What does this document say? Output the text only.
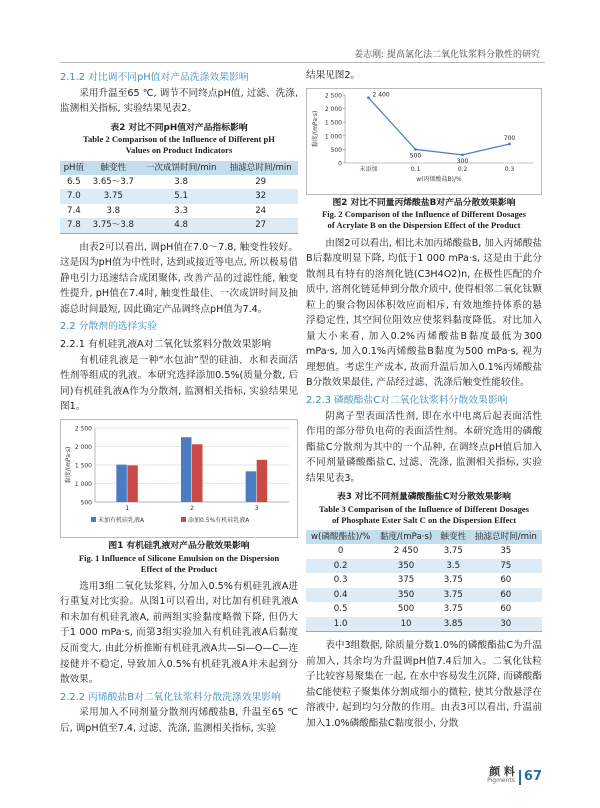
姜志刚: 提高氯化法二氧化钛浆料分散性的研究
2.1.2 对比调不同pH值对产品洗涤效果影响

采用升温至65 ℃, 调节不同终点pH值, 过滤、洗涤, 监测相关指标, 实验结果见表2。

表2 对比不同pH值对产品指标影响
Table 2 Comparison of the Influence of Different pH
Values on Product Indicators
pH值	触变性	一次成饼时间/min	抽滤总时间/min
6.5	3.65～3.7	3.8	29
7.0	3.75	5.1	32
7.4	3.8	3.3	24
7.8	3.75～3.8	4.8	27

由表2可以看出, 调pH值在7.0～7.8, 触变性较好。这是因为pH值为中性时, 达到或接近等电点, 所以极易借静电引力迅速结合成团聚体, 改善产品的过滤性能, 触变性提升, pH值在7.4时, 触变性最佳、一次成饼时间及抽滤总时间最短, 因此确定产品调终点pH值为7.4。

2.2 分散剂的选择实验
2.2.1 有机硅乳液A对二氧化钛浆料分散效果影响

有机硅乳液是一种“水包油”型的硅油、水和表面活性剂等组成的乳液。本研究选择添加0.5%(质量分数, 后同)有机硅乳液A作为分散剂, 监测相关指标, 实验结果见图1。

500
1 000
1 500
2 000
2 500
黏度/(mPa·s)
1	2	3
未加有机硅乳液A	添加0.5%有机硅乳液A
图1 有机硅乳液对产品分散效果影响
Fig. 1 Influence of Silicone Emulsion on the Dispersion
Effect of the Product

选用3组二氧化钛浆料, 分加入0.5%有机硅乳液A进行重复对比实验。从图1可以看出, 对比加有机硅乳液A和未加有机硅乳液A, 前两组实验黏度略微下降, 但仍大于1 000 mPa·s, 而第3组实验加入有机硅乳液A后黏度反而变大, 由此分析推断有机硅乳液A共—Si—O—C—连接健并不稳定, 导致加入0.5%有机硅乳液A并未起到分散效果。

2.2.2 丙烯酸盐B对二氧化钛浆料分散洗涤效果影响

采用加入不同剂量分散剂丙烯酸盐B, 升温至65 ℃后, 调pH值至7.4, 过滤、洗涤, 监测相关指标, 实验

结果见图2。

0
500
1 000
1 500
2 000
2 500
黏度/(mPa·s)
2 400
未添加
500
0.1
300
0.2
700
0.3
w(丙烯酸盐B)/%
图2 对比不同量丙烯酸盐B对产品分散效果影响
Fig. 2 Comparison of the Influence of Different Dosages
of Acrylate B on the Dispersion Effect of the Product

由图2可以看出, 相比未加丙烯酸盐B, 加入丙烯酸盐B后黏度明显下降, 均低于1 000 mPa·s, 这是由于此分散剂具有特有的溶剂化链(C3H4O2)n, 在极性匹配的介质中, 溶剂化链延伸到分散介质中, 使得相邻二氧化钛颗粒上的聚合物因体积效应而相斥, 有效地维持体系的悬浮稳定性, 其空间位阻效应使浆料黏度降低。对比加入量大小来看, 加入0.2%丙烯酸盐B黏度最低为300 mPa·s, 加入0.1%丙烯酸盐B黏度为500 mPa·s, 视为理想值。考虑生产成本, 故而升温后加入0.1%丙烯酸盐B分散效果最佳, 产品经过滤、洗涤后触变性能较佳。

2.2.3 磷酸酯盐C对二氧化钛浆料分散效果影响

阴离子型表面活性剂, 即在水中电离后起表面活性作用的部分带负电荷的表面活性剂。本研究选用的磷酸酯盐C分散剂为其中的一个品种, 在调终点pH值后加入不同剂量磷酸酯盐C, 过滤、洗涤, 监测相关指标, 实验结果见表3。

表3 对比不同剂量磷酸酯盐C对分散效果影响
Table 3 Comparison of the Influence of Different Dosages
of Phosphate Ester Salt C on the Dispersion Effect
w(磷酸酯盐)/%	黏度/(mPa·s)	触变性	抽滤总时间/min
0	2 450	3.75	35
0.2	350	3.5	75
0.3	375	3.75	60
0.4	350	3.75	60
0.5	500	3.75	60
1.0	10	3.85	30

表中3组数据, 除质量分数1.0%的磷酸酯盐C为升温前加入, 其余均为升温调pH值7.4后加入。二氧化钛粒子比较容易聚集在一起, 在水中容易发生沉降, 而磷酸酯盐C能使粒子聚集体分割成细小的微粒, 使其分散悬浮在溶液中, 起到均匀分散的作用。由表3可以看出, 升温前加入1.0%磷酸酯盐C黏度很小, 分散

颜 料
Pigments 67
